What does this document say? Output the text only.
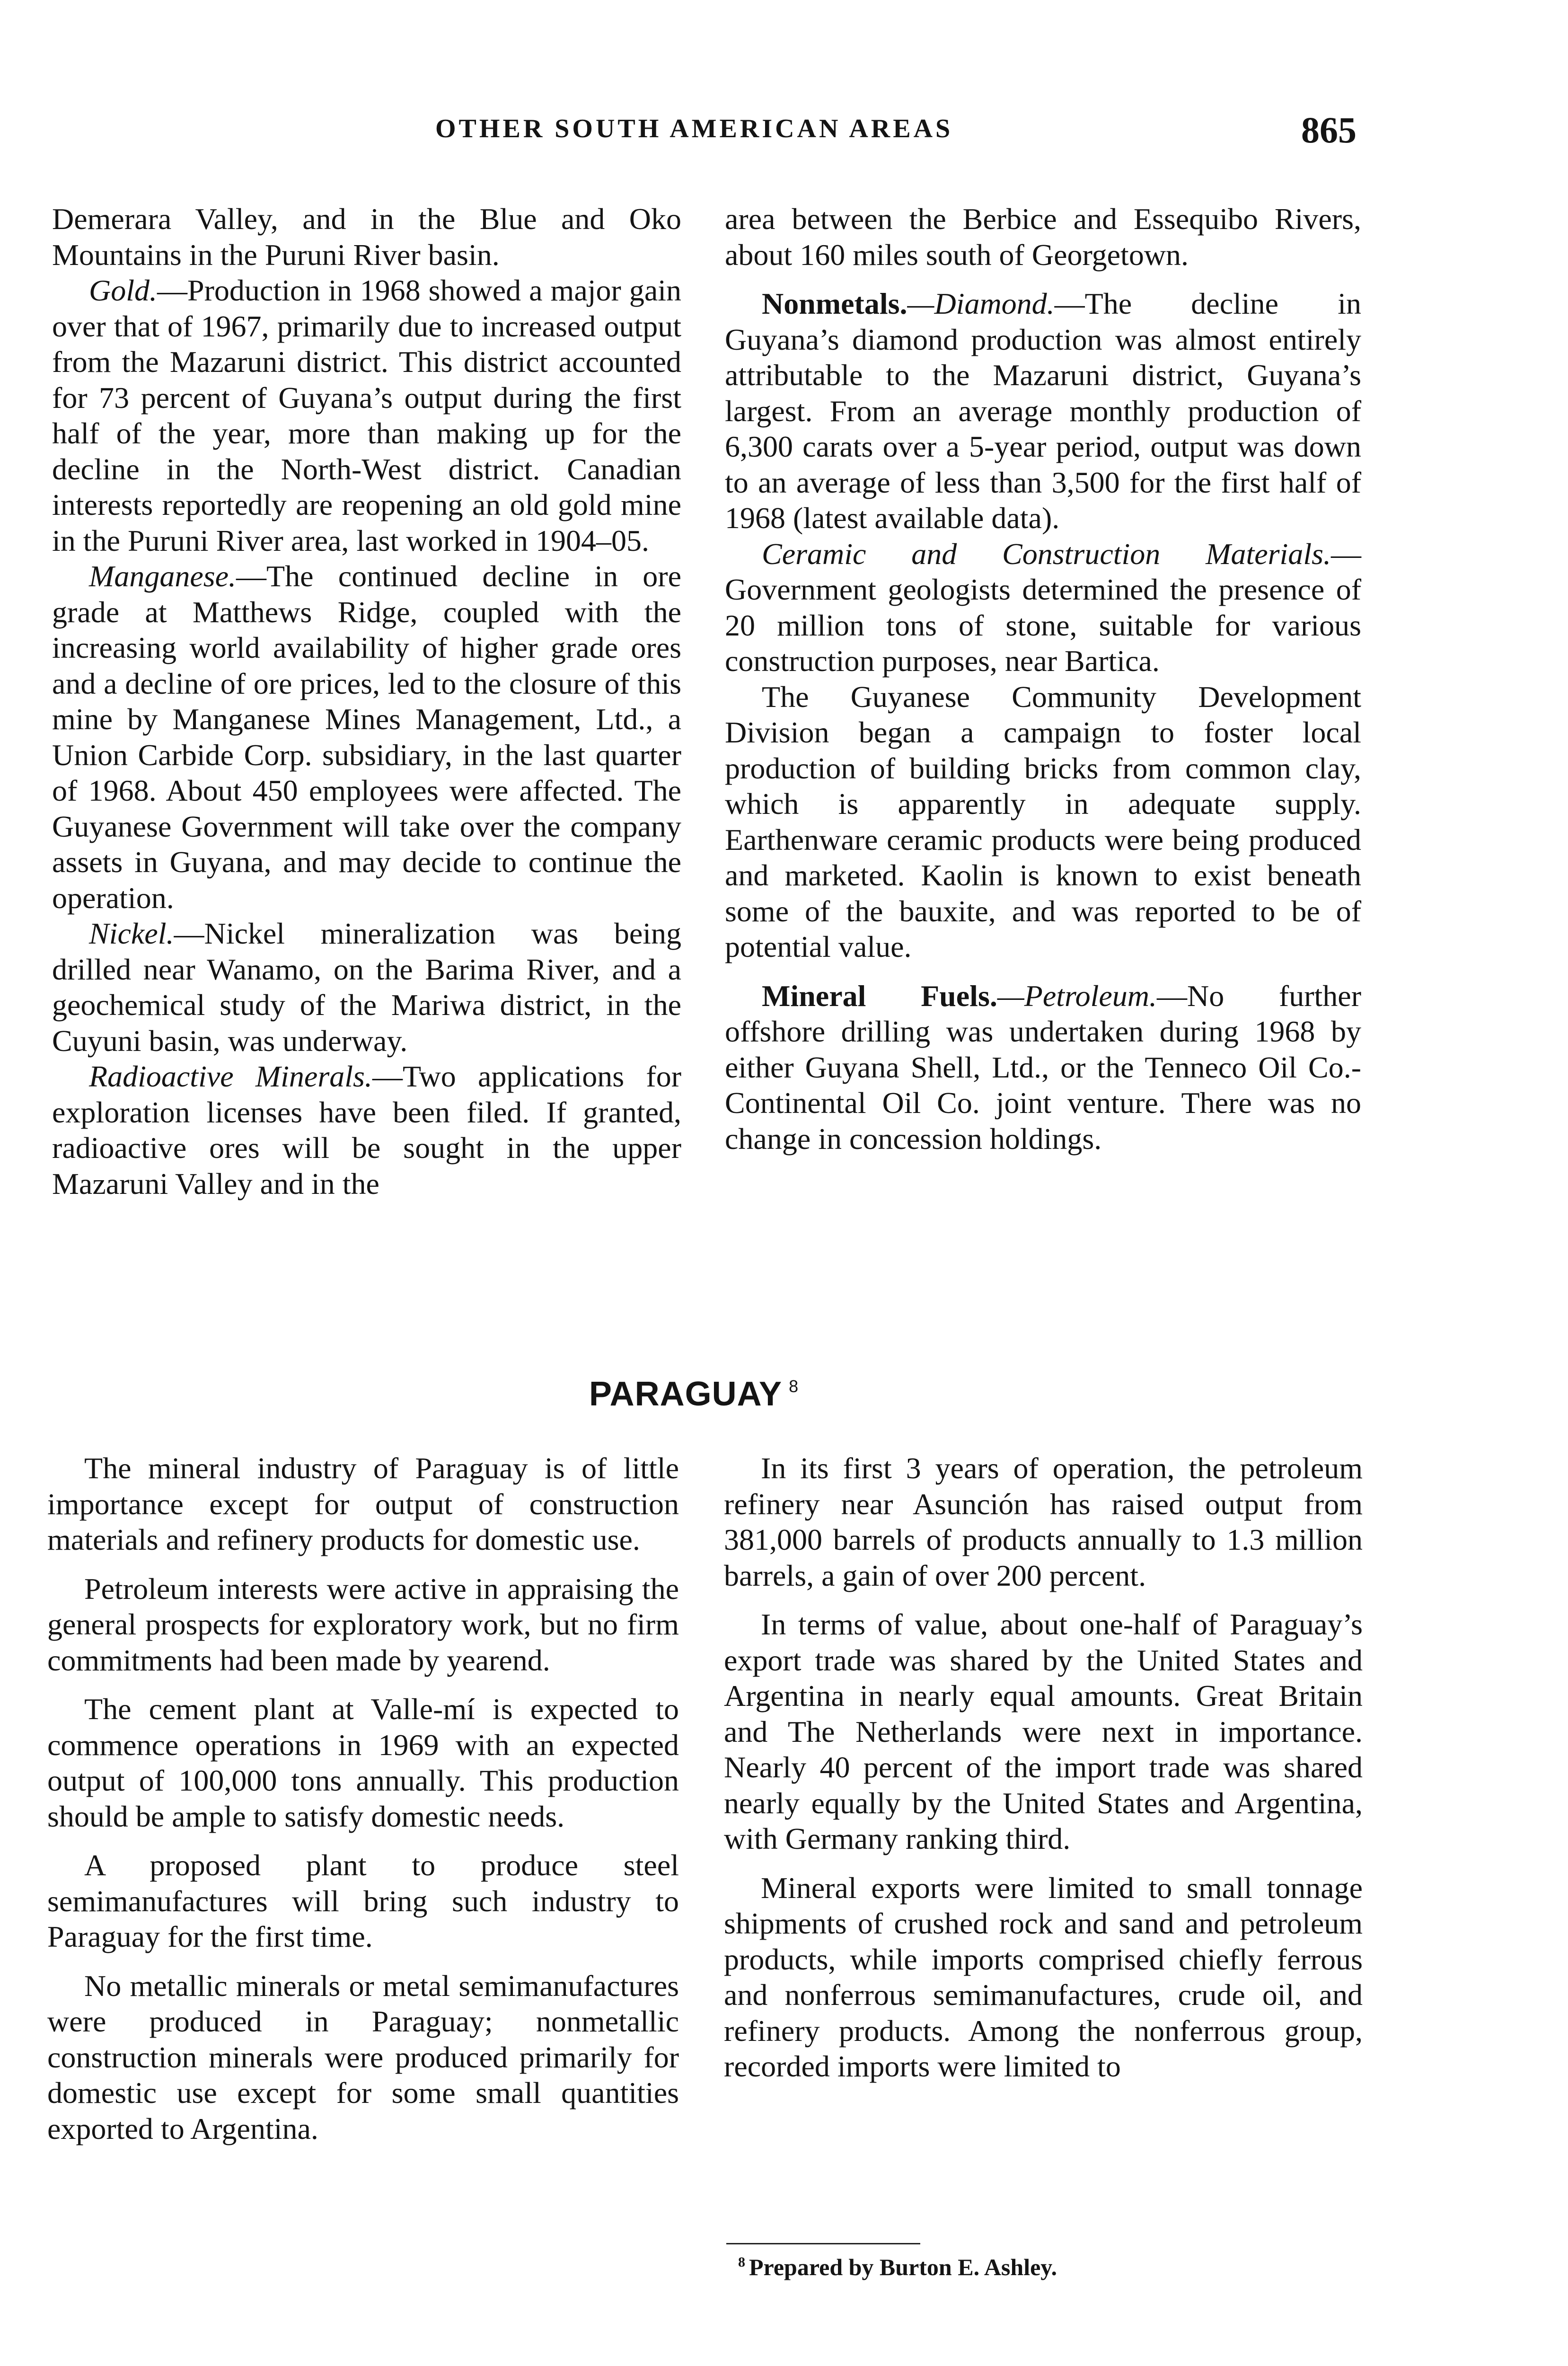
OTHER SOUTH AMERICAN AREAS	865

Demerara Valley, and in the Blue and Oko Mountains in the Puruni River basin.

Gold.—Production in 1968 showed a major gain over that of 1967, primarily due to increased output from the Mazaruni district. This district accounted for 73 percent of Guyana’s output during the first half of the year, more than making up for the decline in the North-West district. Canadian interests reportedly are reopening an old gold mine in the Puruni River area, last worked in 1904–05.

Manganese.—The continued decline in ore grade at Matthews Ridge, coupled with the increasing world availability of higher grade ores and a decline of ore prices, led to the closure of this mine by Manganese Mines Management, Ltd., a Union Carbide Corp. subsidiary, in the last quarter of 1968. About 450 employees were affected. The Guyanese Government will take over the company assets in Guyana, and may decide to continue the operation.

Nickel.—Nickel mineralization was being drilled near Wanamo, on the Barima River, and a geochemical study of the Mariwa district, in the Cuyuni basin, was underway.

Radioactive Minerals.—Two applications for exploration licenses have been filed. If granted, radioactive ores will be sought in the upper Mazaruni Valley and in the

area between the Berbice and Essequibo Rivers, about 160 miles south of Georgetown.

Nonmetals.—Diamond.—The decline in Guyana’s diamond production was almost entirely attributable to the Mazaruni district, Guyana’s largest. From an average monthly production of 6,300 carats over a 5-year period, output was down to an average of less than 3,500 for the first half of 1968 (latest available data).

Ceramic and Construction Materials.—Government geologists determined the presence of 20 million tons of stone, suitable for various construction purposes, near Bartica.

The Guyanese Community Development Division began a campaign to foster local production of building bricks from common clay, which is apparently in adequate supply. Earthenware ceramic products were being produced and marketed. Kaolin is known to exist beneath some of the bauxite, and was reported to be of potential value.

Mineral Fuels.—Petroleum.—No further offshore drilling was undertaken during 1968 by either Guyana Shell, Ltd., or the Tenneco Oil Co.-Continental Oil Co. joint venture. There was no change in concession holdings.

PARAGUAY $^8$

The mineral industry of Paraguay is of little importance except for output of construction materials and refinery products for domestic use.

Petroleum interests were active in appraising the general prospects for exploratory work, but no firm commitments had been made by yearend.

The cement plant at Valle-mí is expected to commence operations in 1969 with an expected output of 100,000 tons annually. This production should be ample to satisfy domestic needs.

A proposed plant to produce steel semimanufactures will bring such industry to Paraguay for the first time.

No metallic minerals or metal semimanufactures were produced in Paraguay; nonmetallic construction minerals were produced primarily for domestic use except for some small quantities exported to Argentina.

In its first 3 years of operation, the petroleum refinery near Asunción has raised output from 381,000 barrels of products annually to 1.3 million barrels, a gain of over 200 percent.

In terms of value, about one-half of Paraguay’s export trade was shared by the United States and Argentina in nearly equal amounts. Great Britain and The Netherlands were next in importance. Nearly 40 percent of the import trade was shared nearly equally by the United States and Argentina, with Germany ranking third.

Mineral exports were limited to small tonnage shipments of crushed rock and sand and petroleum products, while imports comprised chiefly ferrous and nonferrous semimanufactures, crude oil, and refinery products. Among the nonferrous group, recorded imports were limited to

$^8$ Prepared by Burton E. Ashley.
